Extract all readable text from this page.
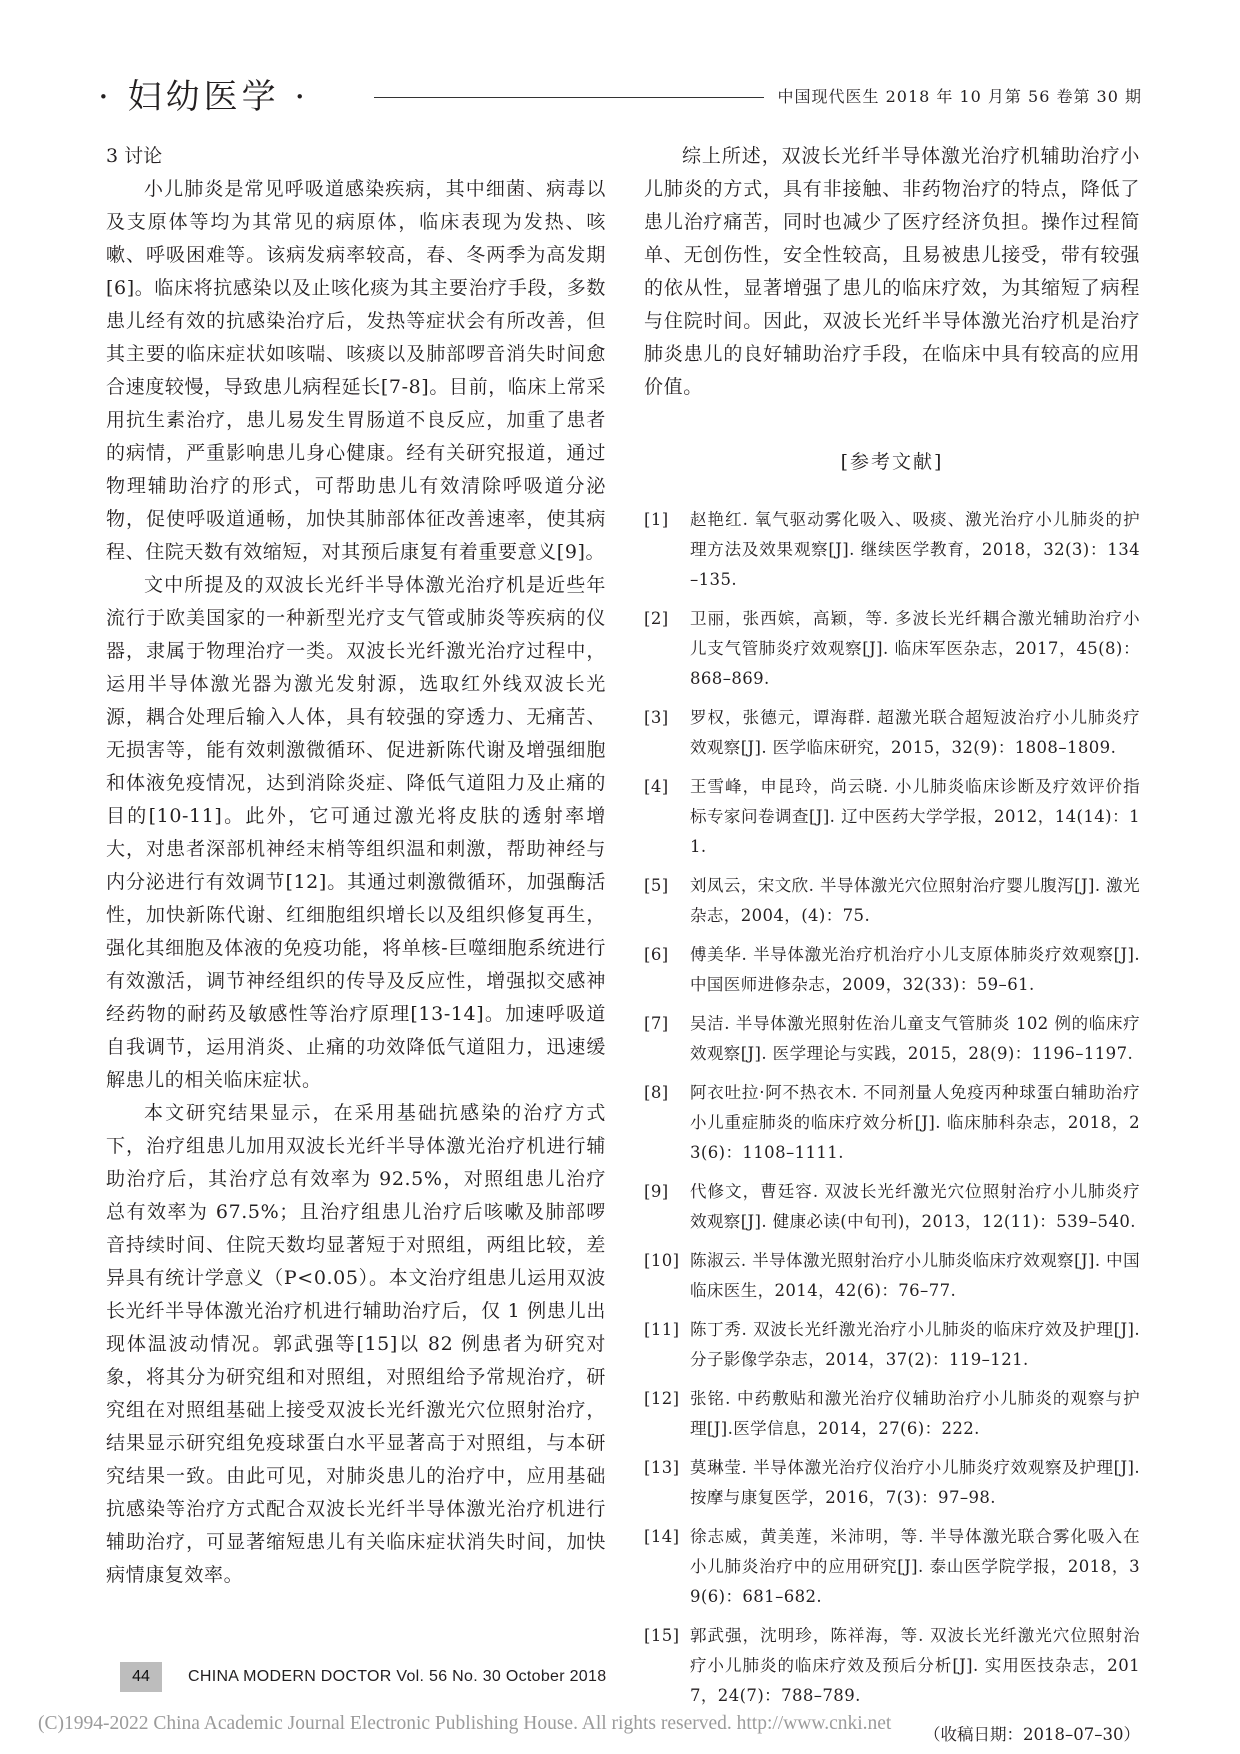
· 妇幼医学 ·	中国现代医生 2018 年 10 月第 56 卷第 30 期
3 讨论

小儿肺炎是常见呼吸道感染疾病，其中细菌、病毒以及支原体等均为其常见的病原体，临床表现为发热、咳嗽、呼吸困难等。该病发病率较高，春、冬两季为高发期[6]。临床将抗感染以及止咳化痰为其主要治疗手段，多数患儿经有效的抗感染治疗后，发热等症状会有所改善，但其主要的临床症状如咳喘、咳痰以及肺部啰音消失时间愈合速度较慢，导致患儿病程延长[7-8]。目前，临床上常采用抗生素治疗，患儿易发生胃肠道不良反应，加重了患者的病情，严重影响患儿身心健康。经有关研究报道，通过物理辅助治疗的形式，可帮助患儿有效清除呼吸道分泌物，促使呼吸道通畅，加快其肺部体征改善速率，使其病程、住院天数有效缩短，对其预后康复有着重要意义[9]。

文中所提及的双波长光纤半导体激光治疗机是近些年流行于欧美国家的一种新型光疗支气管或肺炎等疾病的仪器，隶属于物理治疗一类。双波长光纤激光治疗过程中，运用半导体激光器为激光发射源，选取红外线双波长光源，耦合处理后输入人体，具有较强的穿透力、无痛苦、无损害等，能有效刺激微循环、促进新陈代谢及增强细胞和体液免疫情况，达到消除炎症、降低气道阻力及止痛的目的[10-11]。此外，它可通过激光将皮肤的透射率增大，对患者深部机神经末梢等组织温和刺激，帮助神经与内分泌进行有效调节[12]。其通过刺激微循环，加强酶活性，加快新陈代谢、红细胞组织增长以及组织修复再生，强化其细胞及体液的免疫功能，将单核-巨噬细胞系统进行有效激活，调节神经组织的传导及反应性，增强拟交感神经药物的耐药及敏感性等治疗原理[13-14]。加速呼吸道自我调节，运用消炎、止痛的功效降低气道阻力，迅速缓解患儿的相关临床症状。

本文研究结果显示，在采用基础抗感染的治疗方式下，治疗组患儿加用双波长光纤半导体激光治疗机进行辅助治疗后，其治疗总有效率为 92.5%，对照组患儿治疗总有效率为 67.5%；且治疗组患儿治疗后咳嗽及肺部啰音持续时间、住院天数均显著短于对照组，两组比较，差异具有统计学意义（P<0.05）。本文治疗组患儿运用双波长光纤半导体激光治疗机进行辅助治疗后，仅 1 例患儿出现体温波动情况。郭武强等[15]以 82 例患者为研究对象，将其分为研究组和对照组，对照组给予常规治疗，研究组在对照组基础上接受双波长光纤激光穴位照射治疗，结果显示研究组免疫球蛋白水平显著高于对照组，与本研究结果一致。由此可见，对肺炎患儿的治疗中，应用基础抗感染等治疗方式配合双波长光纤半导体激光治疗机进行辅助治疗，可显著缩短患儿有关临床症状消失时间，加快病情康复效率。

综上所述，双波长光纤半导体激光治疗机辅助治疗小儿肺炎的方式，具有非接触、非药物治疗的特点，降低了患儿治疗痛苦，同时也减少了医疗经济负担。操作过程简单、无创伤性，安全性较高，且易被患儿接受，带有较强的依从性，显著增强了患儿的临床疗效，为其缩短了病程与住院时间。因此，双波长光纤半导体激光治疗机是治疗肺炎患儿的良好辅助治疗手段，在临床中具有较高的应用价值。

[参考文献]
[1]	赵艳红. 氧气驱动雾化吸入、吸痰、激光治疗小儿肺炎的护理方法及效果观察[J]. 继续医学教育，2018，32(3)：134–135.
[2]	卫丽，张西嫔，高颖，等. 多波长光纤耦合激光辅助治疗小儿支气管肺炎疗效观察[J]. 临床军医杂志，2017，45(8)：868–869.
[3]	罗权，张德元，谭海群. 超激光联合超短波治疗小儿肺炎疗效观察[J]. 医学临床研究，2015，32(9)：1808–1809.
[4]	王雪峰，申昆玲，尚云晓. 小儿肺炎临床诊断及疗效评价指标专家问卷调查[J]. 辽中医药大学学报，2012，14(14)：11.
[5]	刘凤云，宋文欣. 半导体激光穴位照射治疗婴儿腹泻[J]. 激光杂志，2004，(4)：75.
[6]	傅美华. 半导体激光治疗机治疗小儿支原体肺炎疗效观察[J]. 中国医师进修杂志，2009，32(33)：59–61.
[7]	吴洁. 半导体激光照射佐治儿童支气管肺炎 102 例的临床疗效观察[J]. 医学理论与实践，2015，28(9)：1196–1197.
[8]	阿衣吐拉·阿不热衣木. 不同剂量人免疫丙种球蛋白辅助治疗小儿重症肺炎的临床疗效分析[J]. 临床肺科杂志，2018，23(6)：1108–1111.
[9]	代修文，曹廷容. 双波长光纤激光穴位照射治疗小儿肺炎疗效观察[J]. 健康必读(中旬刊)，2013，12(11)：539–540.
[10] 陈淑云. 半导体激光照射治疗小儿肺炎临床疗效观察[J]. 中国临床医生，2014，42(6)：76–77.
[11] 陈丁秀. 双波长光纤激光治疗小儿肺炎的临床疗效及护理[J]. 分子影像学杂志，2014，37(2)：119–121.
[12] 张铭. 中药敷贴和激光治疗仪辅助治疗小儿肺炎的观察与护理[J].医学信息，2014，27(6)：222.
[13] 莫琳莹. 半导体激光治疗仪治疗小儿肺炎疗效观察及护理[J]. 按摩与康复医学，2016，7(3)：97–98.
[14] 徐志威，黄美莲，米沛明，等. 半导体激光联合雾化吸入在小儿肺炎治疗中的应用研究[J]. 泰山医学院学报，2018，39(6)：681–682.
[15] 郭武强，沈明珍，陈祥海，等. 双波长光纤激光穴位照射治疗小儿肺炎的临床疗效及预后分析[J]. 实用医技杂志，2017，24(7)：788–789.
（收稿日期：2018–07–30）
44	CHINA MODERN DOCTOR Vol. 56 No. 30 October 2018
(C)1994-2022 China Academic Journal Electronic Publishing House. All rights reserved. http://www.cnki.net
